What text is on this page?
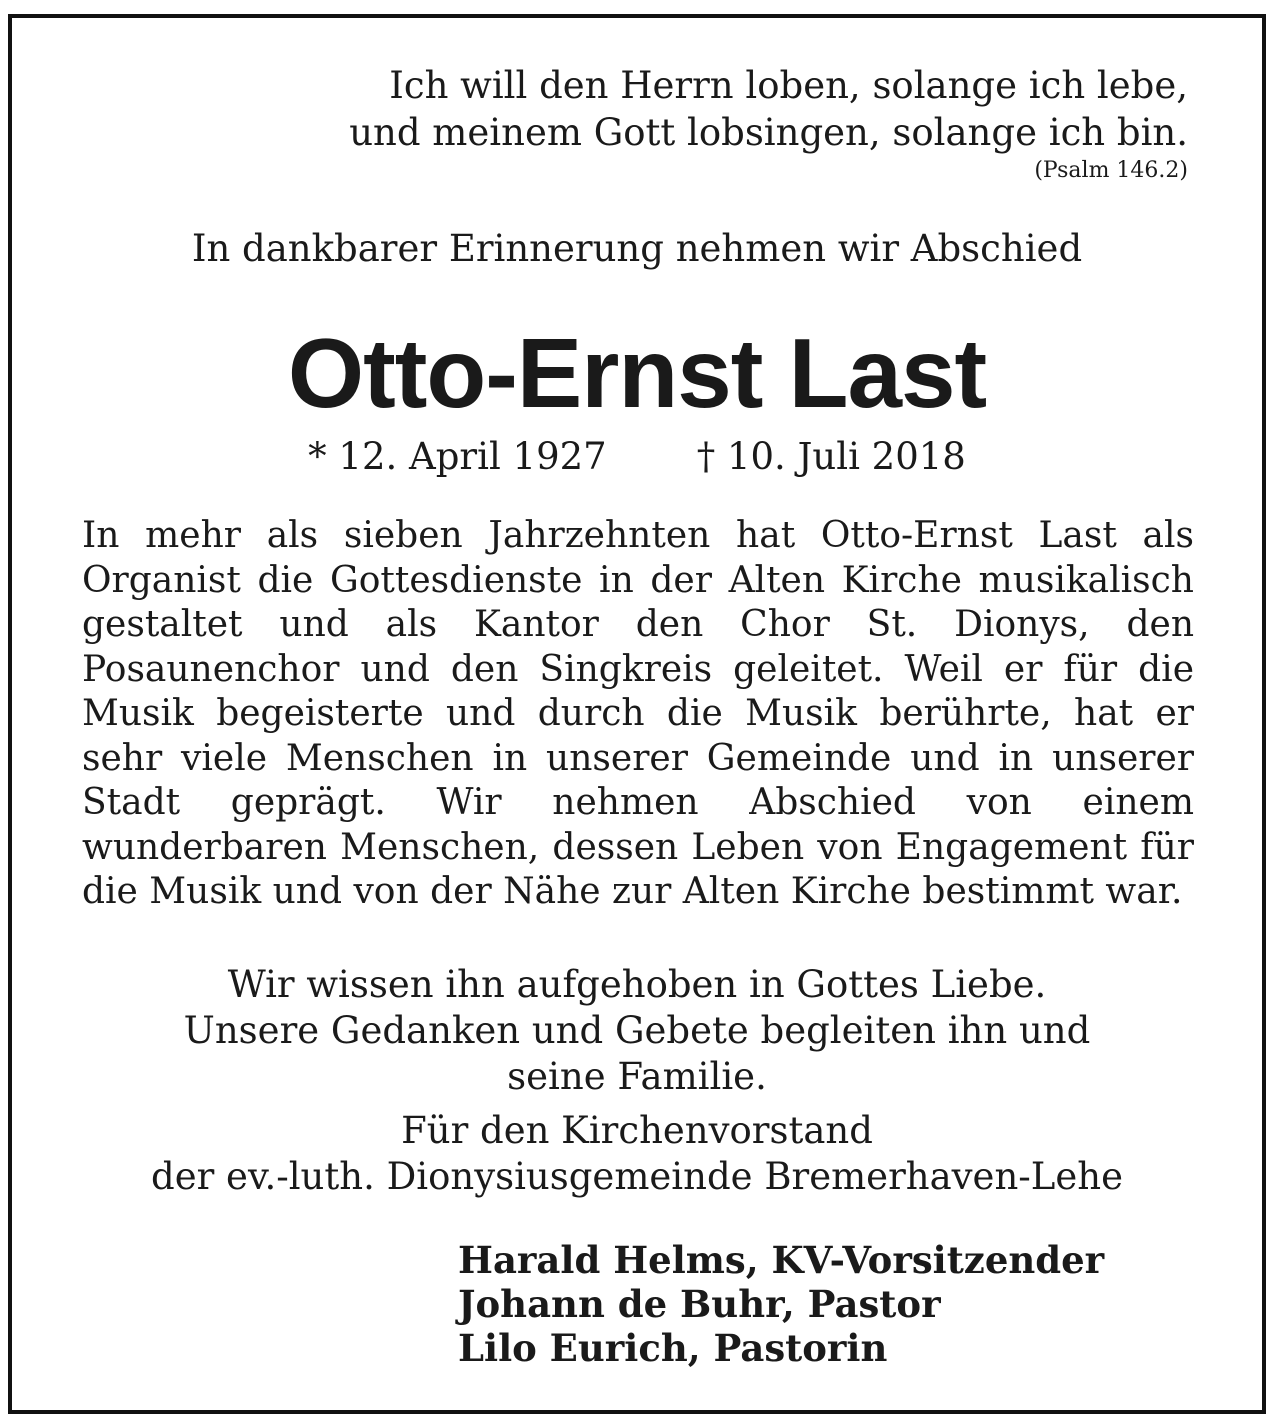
Ich will den Herrn loben, solange ich lebe,
und meinem Gott lobsingen, solange ich bin.
(Psalm 146.2)
In dankbarer Erinnerung nehmen wir Abschied
Otto-Ernst Last
* 12. April 1927 † 10. Juli 2018

In mehr als sieben Jahrzehnten hat Otto-Ernst Last als Organist die Gottesdienste in der Alten Kirche musikalisch gestaltet und als Kantor den Chor St. Dionys, den Posaunenchor und den Singkreis geleitet. Weil er für die Musik begeisterte und durch die Musik berührte, hat er sehr viele Menschen in unserer Gemeinde und in unserer Stadt geprägt. Wir nehmen Abschied von einem wunderbaren Menschen, dessen Leben von Engagement für die Musik und von der Nähe zur Alten Kirche bestimmt war.

Wir wissen ihn aufgehoben in Gottes Liebe.
Unsere Gedanken und Gebete begleiten ihn und
seine Familie.
Für den Kirchenvorstand
der ev.-luth. Dionysiusgemeinde Bremerhaven-Lehe
Harald Helms, KV-Vorsitzender
Johann de Buhr, Pastor
Lilo Eurich, Pastorin
